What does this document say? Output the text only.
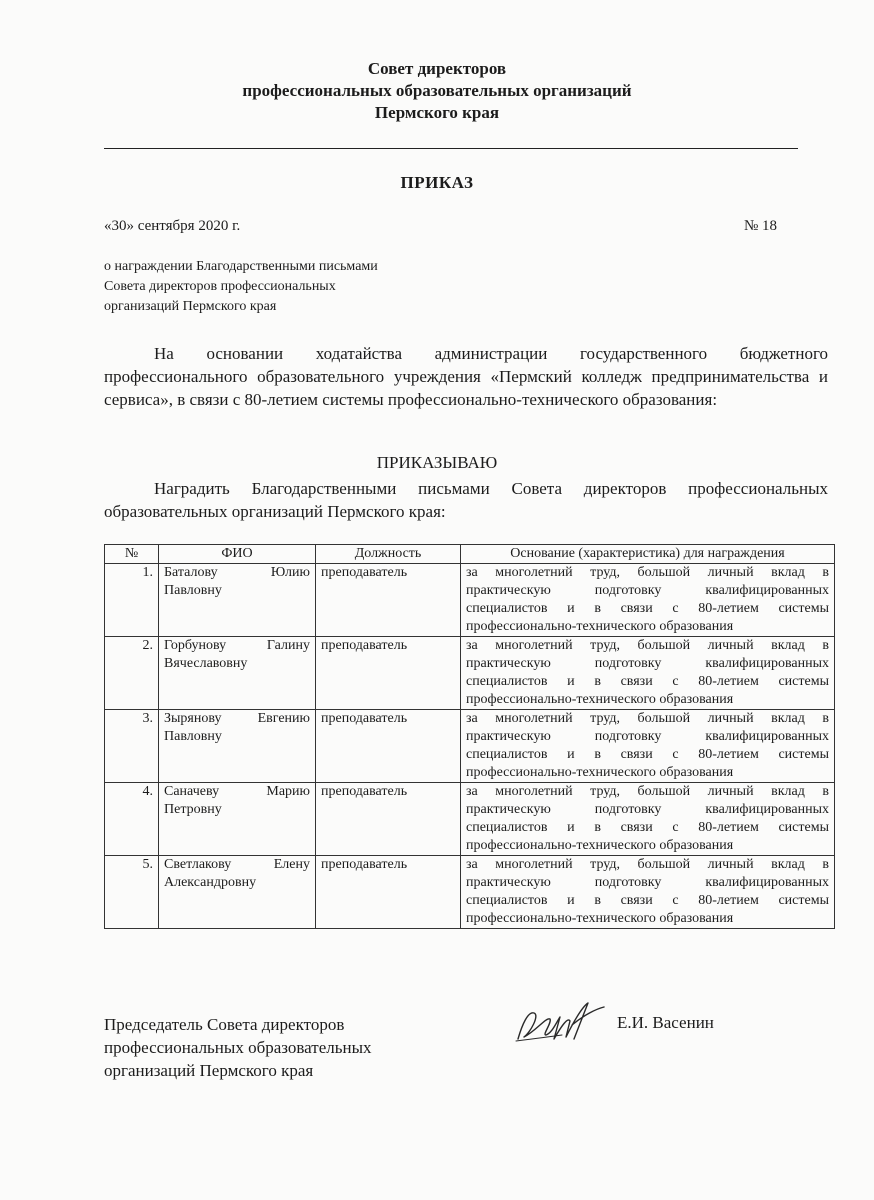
Совет директоров
профессиональных образовательных организаций
Пермского края
ПРИКАЗ
«30» сентября 2020 г.	№ 18
о награждении Благодарственными письмами
Совета директоров профессиональных
организаций Пермского края
На основании ходатайства администрации государственного бюджетного профессионального образовательного учреждения «Пермский колледж предпринимательства и сервиса», в связи с 80-летием системы профессионально-технического образования:
ПРИКАЗЫВАЮ
Наградить Благодарственными письмами Совета директоров профессиональных образовательных организаций Пермского края:
№	ФИО	Должность	Основание (характеристика) для награждения
1.	Баталову Юлию Павловну	преподаватель	за многолетний труд, большой личный вклад в практическую подготовку квалифицированных специалистов и в связи с 80-летием системы профессионально-технического образования
2.	Горбунову Галину Вячеславовну	преподаватель	за многолетний труд, большой личный вклад в практическую подготовку квалифицированных специалистов и в связи с 80-летием системы профессионально-технического образования
3.	Зырянову Евгению Павловну	преподаватель	за многолетний труд, большой личный вклад в практическую подготовку квалифицированных специалистов и в связи с 80-летием системы профессионально-технического образования
4.	Саначеву Марию Петровну	преподаватель	за многолетний труд, большой личный вклад в практическую подготовку квалифицированных специалистов и в связи с 80-летием системы профессионально-технического образования
5.	Светлакову Елену Александровну	преподаватель	за многолетний труд, большой личный вклад в практическую подготовку квалифицированных специалистов и в связи с 80-летием системы профессионально-технического образования
Председатель Совета директоров
профессиональных образовательных
организаций Пермского края
Е.И. Васенин
